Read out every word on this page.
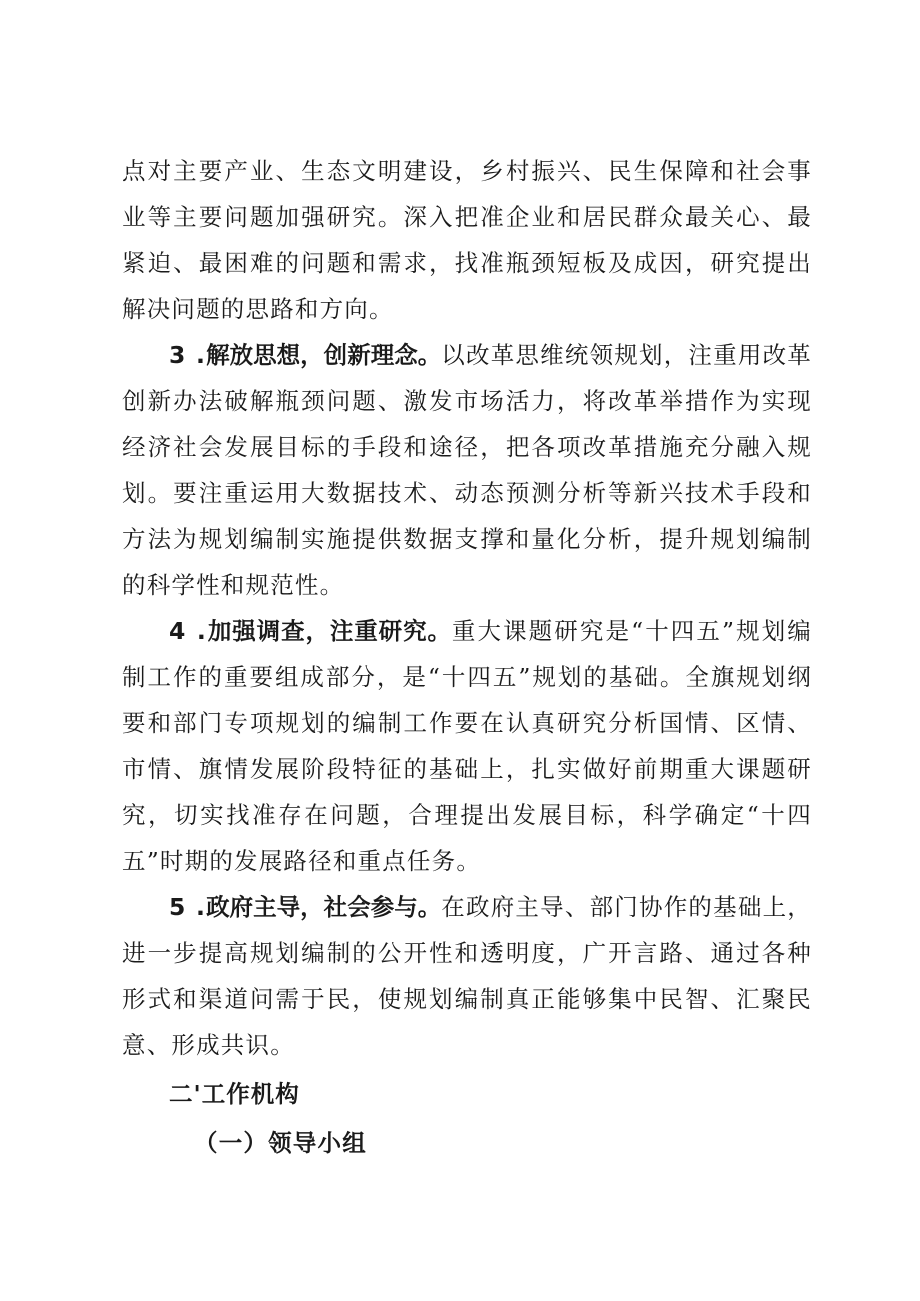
点对主要产业、生态文明建设，乡村振兴、民生保障和社会事业等主要问题加强研究。深入把准企业和居民群众最关心、最紧迫、最困难的问题和需求，找准瓶颈短板及成因，研究提出解决问题的思路和方向。

3 .解放思想，创新理念。以改革思维统领规划，注重用改革创新办法破解瓶颈问题、激发市场活力，将改革举措作为实现经济社会发展目标的手段和途径，把各项改革措施充分融入规划。要注重运用大数据技术、动态预测分析等新兴技术手段和方法为规划编制实施提供数据支撑和量化分析，提升规划编制的科学性和规范性。

4 .加强调查，注重研究。重大课题研究是“十四五”规划编制工作的重要组成部分，是“十四五”规划的基础。全旗规划纲要和部门专项规划的编制工作要在认真研究分析国情、区情、市情、旗情发展阶段特征的基础上，扎实做好前期重大课题研究，切实找准存在问题，合理提出发展目标，科学确定“十四五”时期的发展路径和重点任务。

5 .政府主导，社会参与。在政府主导、部门协作的基础上，进一步提高规划编制的公开性和透明度，广开言路、通过各种形式和渠道问需于民，使规划编制真正能够集中民智、汇聚民意、形成共识。

二'工作机构
（一）领导小组
